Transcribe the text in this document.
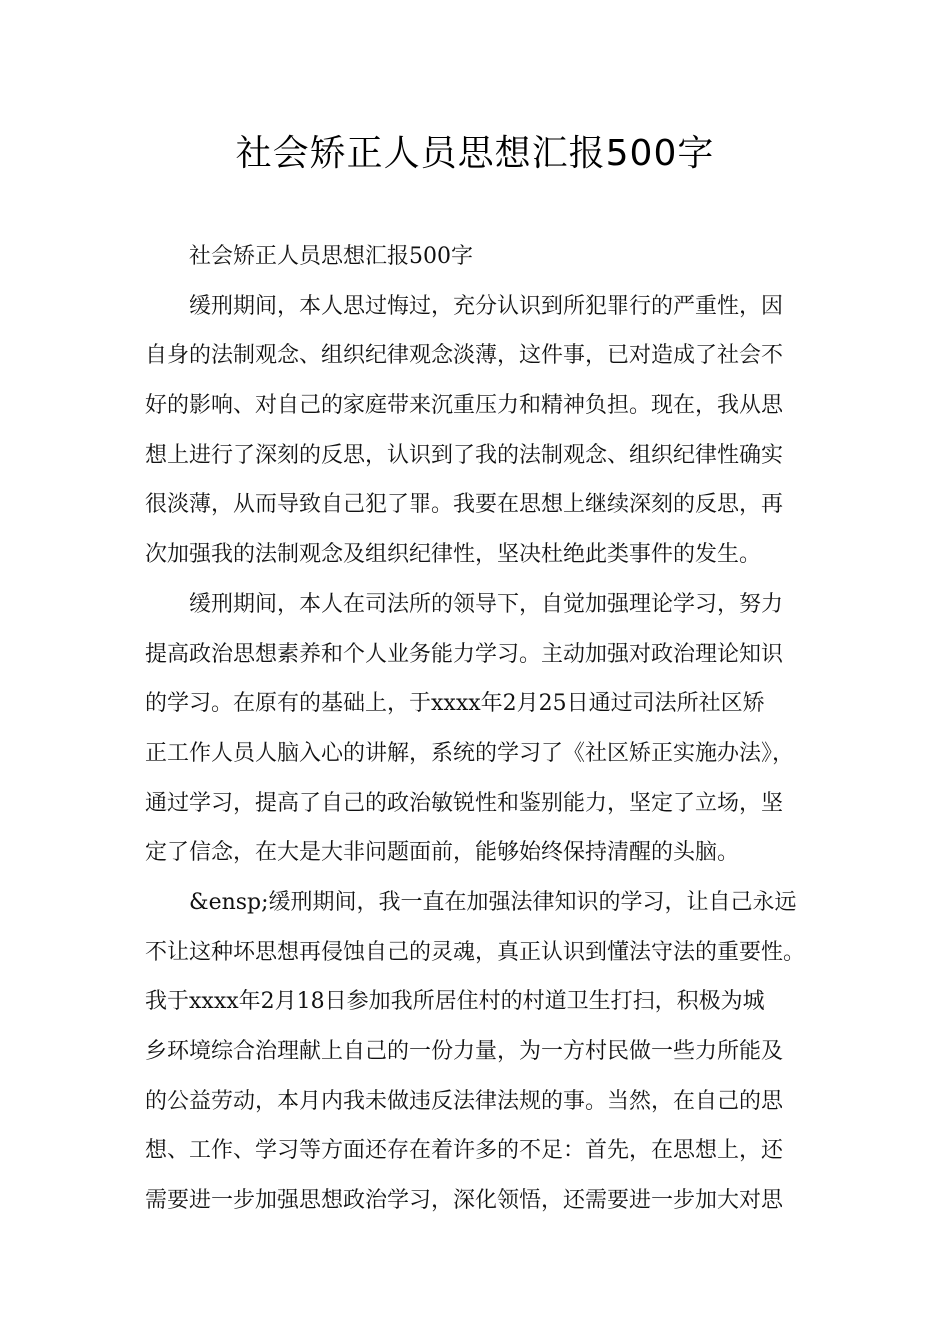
社会矫正人员思想汇报500字
社会矫正人员思想汇报500字
缓刑期间，本人思过悔过，充分认识到所犯罪行的严重性，因
自身的法制观念、组织纪律观念淡薄，这件事，已对造成了社会不
好的影响、对自己的家庭带来沉重压力和精神负担。现在，我从思
想上进行了深刻的反思，认识到了我的法制观念、组织纪律性确实
很淡薄，从而导致自己犯了罪。我要在思想上继续深刻的反思，再
次加强我的法制观念及组织纪律性，坚决杜绝此类事件的发生。
缓刑期间，本人在司法所的领导下，自觉加强理论学习，努力
提高政治思想素养和个人业务能力学习。主动加强对政治理论知识
的学习。在原有的基础上，于xxxx年2月25日通过司法所社区矫
正工作人员人脑入心的讲解，系统的学习了《社区矫正实施办法》，
通过学习，提高了自己的政治敏锐性和鉴别能力，坚定了立场，坚
定了信念，在大是大非问题面前，能够始终保持清醒的头脑。
&ensp;缓刑期间，我一直在加强法律知识的学习，让自己永远
不让这种坏思想再侵蚀自己的灵魂，真正认识到懂法守法的重要性。
我于xxxx年2月18日参加我所居住村的村道卫生打扫，积极为城
乡环境综合治理献上自己的一份力量，为一方村民做一些力所能及
的公益劳动，本月内我未做违反法律法规的事。当然，在自己的思
想、工作、学习等方面还存在着许多的不足：首先，在思想上，还
需要进一步加强思想政治学习，深化领悟，还需要进一步加大对思
